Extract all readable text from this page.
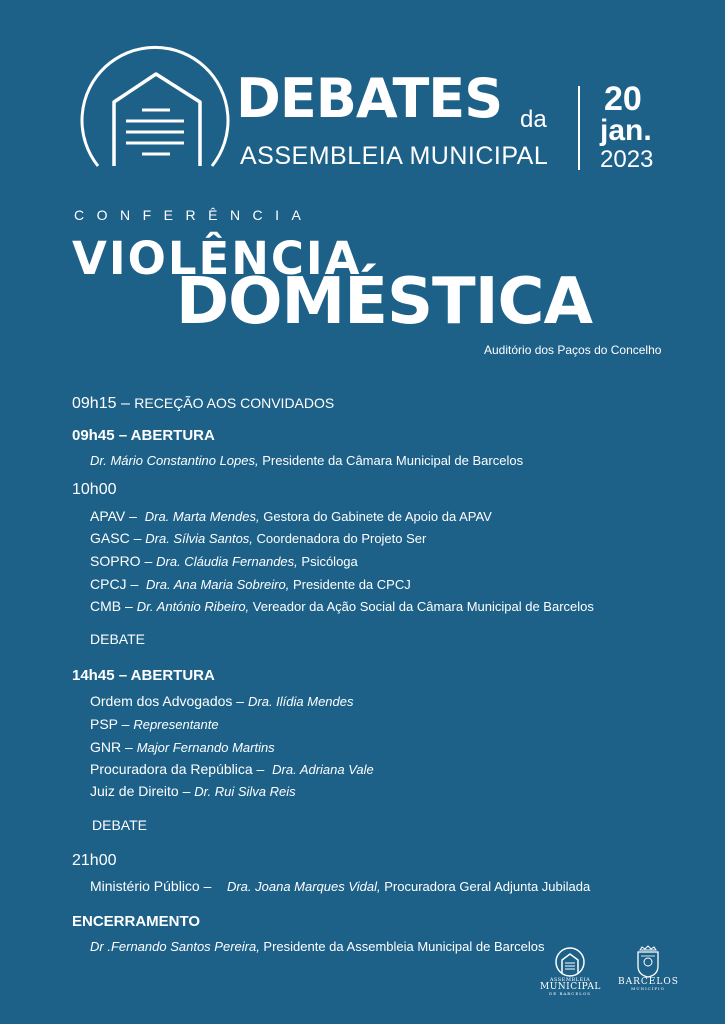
DEBATES da
ASSEMBLEIA MUNICIPAL
20
jan.
2023
CONFERÊNCIA
VIOLÊNCIA
DOMÉSTICA
Auditório dos Paços do Concelho
09h15 – RECEÇÃO AOS CONVIDADOS
09h45 – ABERTURA
Dr. Mário Constantino Lopes, Presidente da Câmara Municipal de Barcelos
10h00
APAV – Dra. Marta Mendes, Gestora do Gabinete de Apoio da APAV
GASC – Dra. Sílvia Santos, Coordenadora do Projeto Ser
SOPRO – Dra. Cláudia Fernandes, Psicóloga
CPCJ – Dra. Ana Maria Sobreiro, Presidente da CPCJ
CMB – Dr. António Ribeiro, Vereador da Ação Social da Câmara Municipal de Barcelos
DEBATE
14h45 – ABERTURA
Ordem dos Advogados – Dra. Ilídia Mendes
PSP – Representante
GNR – Major Fernando Martins
Procuradora da República – Dra. Adriana Vale
Juiz de Direito – Dr. Rui Silva Reis
DEBATE
21h00
Ministério Público – Dra. Joana Marques Vidal, Procuradora Geral Adjunta Jubilada
ENCERRAMENTO
Dr .Fernando Santos Pereira, Presidente da Assembleia Municipal de Barcelos
ASSEMBLEIA
MUNICIPAL
DE BARCELOS
BARCELOS
MUNICÍPIO
